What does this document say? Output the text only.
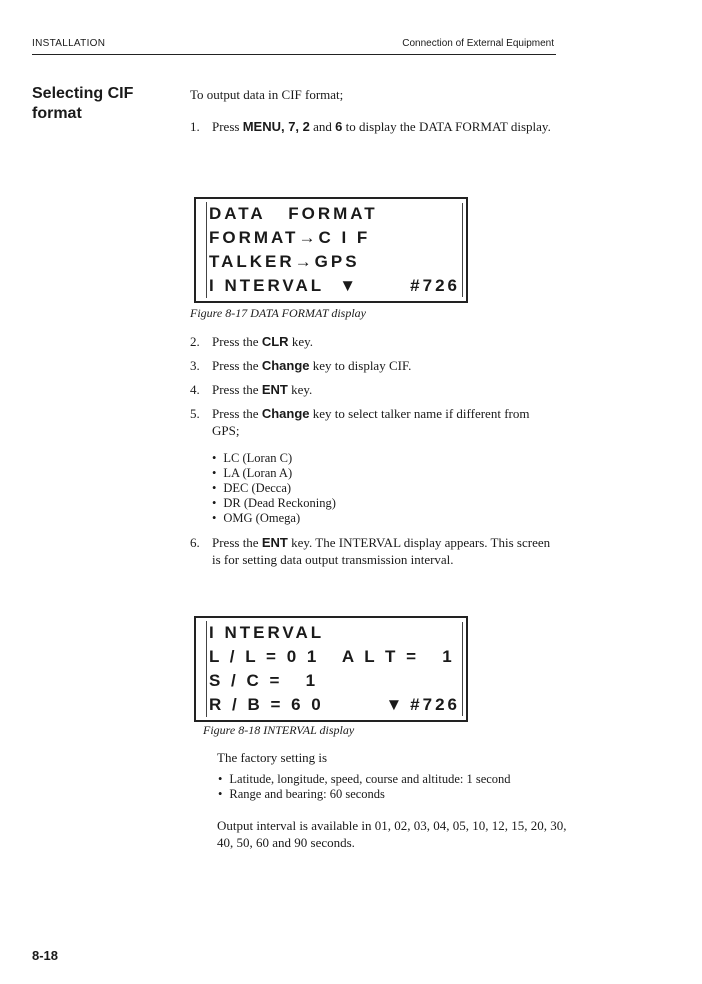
INSTALLATION	Connection of External Equipment
Selecting CIF format
To output data in CIF format;
1. Press MENU, 7, 2 and 6 to display the DATA FORMAT display.
DATA   FORMAT
FORMAT→C I F
TALKER→GPS
I NTERVAL  ▼	#726
Figure 8-17 DATA FORMAT display
2. Press the CLR key.
3. Press the Change key to display CIF.
4. Press the ENT key.
5. Press the Change key to select talker name if different from GPS;
• LC (Loran C)
• LA (Loran A)
• DEC (Decca)
• DR (Dead Reckoning)
• OMG (Omega)
6. Press the ENT key. The INTERVAL display appears. This screen is for setting data output transmission interval.
I NTERVAL
L / L = 0 1   A L T =   1
S / C =   1
R / B = 6 0        ▼ #726
Figure 8-18 INTERVAL display
The factory setting is
• Latitude, longitude, speed, course and altitude: 1 second
• Range and bearing: 60 seconds
Output interval is available in 01, 02, 03, 04, 05, 10, 12, 15, 20, 30, 40, 50, 60 and 90 seconds.
8-18
